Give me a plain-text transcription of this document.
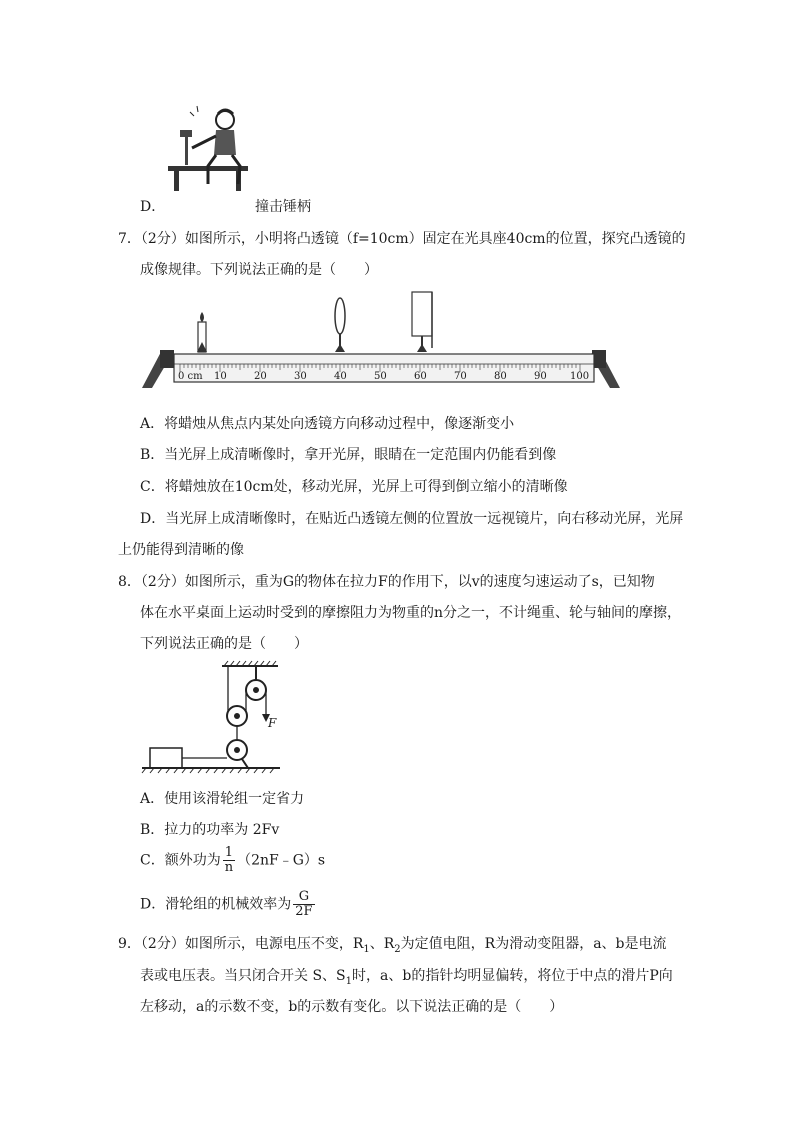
D．	撞击锤柄
7．（2分）如图所示，小明将凸透镜（f=10cm）固定在光具座40cm的位置，探究凸透镜的
成像规律。下列说法正确的是（　　）
0 cm 10	20	30	40	50	60	70	80	90 100
A．将蜡烛从焦点内某处向透镜方向移动过程中，像逐渐变小
B．当光屏上成清晰像时，拿开光屏，眼睛在一定范围内仍能看到像
C．将蜡烛放在10cm处，移动光屏，光屏上可得到倒立缩小的清晰像
D．当光屏上成清晰像时，在贴近凸透镜左侧的位置放一远视镜片，向右移动光屏，光屏
上仍能得到清晰的像
8．（2分）如图所示，重为G的物体在拉力F的作用下，以v的速度匀速运动了s，已知物
体在水平桌面上运动时受到的摩擦阻力为物重的n分之一，不计绳重、轮与轴间的摩擦，
下列说法正确的是（　　）
F
A．使用该滑轮组一定省力
B．拉力的功率为 2Fv
C．额外功为 $\frac{1}{n}$ （2nF﹣G）s
D．滑轮组的机械效率为 $\frac{G}{2F}$
9．（2分）如图所示，电源电压不变，$R_1$、$R_2$为定值电阻，R为滑动变阻器，a、b是电流
表或电压表。当只闭合开关 S、$S_1$时，a、b的指针均明显偏转，将位于中点的滑片P向
左移动，a的示数不变，b的示数有变化。以下说法正确的是（　　）
